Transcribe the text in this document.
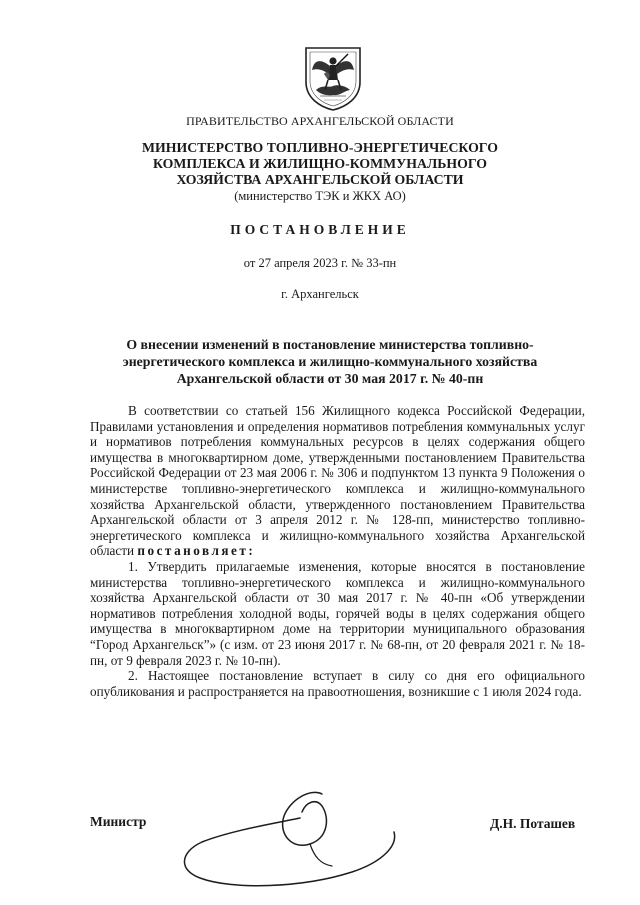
ПРАВИТЕЛЬСТВО АРХАНГЕЛЬСКОЙ ОБЛАСТИ
МИНИСТЕРСТВО ТОПЛИВНО-ЭНЕРГЕТИЧЕСКОГО
КОМПЛЕКСА И ЖИЛИЩНО-КОММУНАЛЬНОГО
ХОЗЯЙСТВА АРХАНГЕЛЬСКОЙ ОБЛАСТИ
(министерство ТЭК и ЖКХ АО)
ПОСТАНОВЛЕНИЕ
от 27 апреля 2023 г. № 33-пн
г. Архангельск
О внесении изменений в постановление министерства топливно-
энергетического комплекса и жилищно-коммунального хозяйства
Архангельской области от 30 мая 2017 г. № 40-пн

В соответствии со статьей 156 Жилищного кодекса Российской Федерации, Правилами установления и определения нормативов потребления коммунальных услуг и нормативов потребления коммунальных ресурсов в целях содержания общего имущества в многоквартирном доме, утвержденными постановлением Правительства Российской Федерации от 23 мая 2006 г. № 306 и подпунктом 13 пункта 9 Положения о министерстве топливно-энергетического комплекса и жилищно-коммунального хозяйства Архангельской области, утвержденного постановлением Правительства Архангельской области от 3 апреля 2012 г. № 128-пп, министерство топливно-энергетического комплекса и жилищно-коммунального хозяйства Архангельской области постановляет:

1. Утвердить прилагаемые изменения, которые вносятся в постановление министерства топливно-энергетического комплекса и жилищно-коммунального хозяйства Архангельской области от 30 мая 2017 г. № 40-пн «Об утверждении нормативов потребления холодной воды, горячей воды в целях содержания общего имущества в многоквартирном доме на территории муниципального образования “Город Архангельск”» (с изм. от 23 июня 2017 г. № 68-пн, от 20 февраля 2021 г. № 18-пн, от 9 февраля 2023 г. № 10-пн).

2. Настоящее постановление вступает в силу со дня его официального опубликования и распространяется на правоотношения, возникшие с 1 июля 2024 года.

Министр	Д.Н. Поташев
